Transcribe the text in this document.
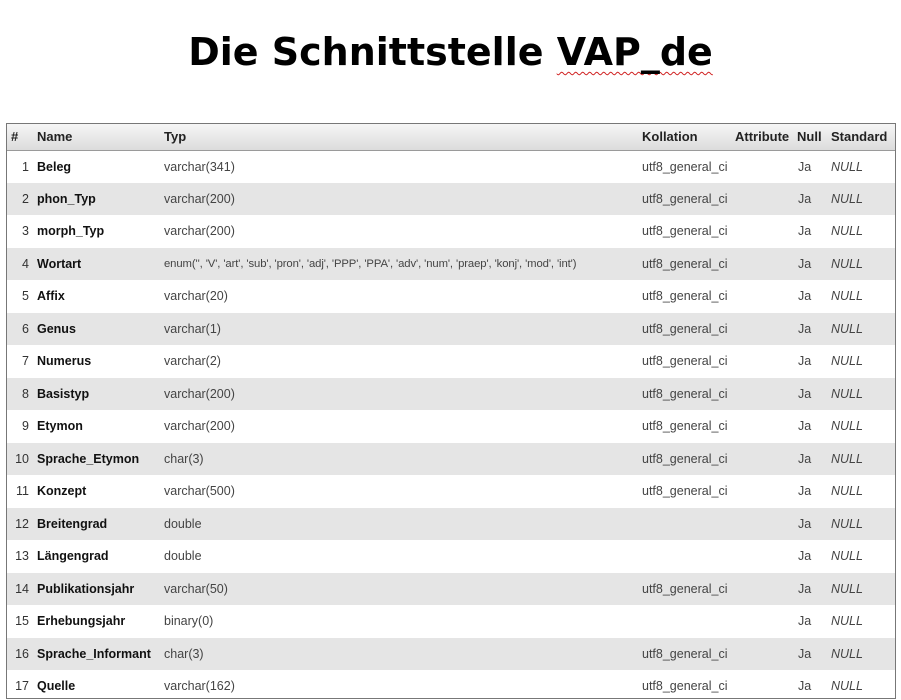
Die Schnittstelle VAP_de
#	Name	Typ	Kollation	Attribute	Null	Standard
1	Beleg	varchar(341)	utf8_general_ci		Ja	NULL
2	phon_Typ	varchar(200)	utf8_general_ci		Ja	NULL
3	morph_Typ	varchar(200)	utf8_general_ci		Ja	NULL
4	Wortart	enum('', 'V', 'art', 'sub', 'pron', 'adj', 'PPP', 'PPA', 'adv', 'num', 'praep', 'konj', 'mod', 'int')	utf8_general_ci		Ja	NULL
5	Affix	varchar(20)	utf8_general_ci		Ja	NULL
6	Genus	varchar(1)	utf8_general_ci		Ja	NULL
7	Numerus	varchar(2)	utf8_general_ci		Ja	NULL
8	Basistyp	varchar(200)	utf8_general_ci		Ja	NULL
9	Etymon	varchar(200)	utf8_general_ci		Ja	NULL
10	Sprache_Etymon	char(3)	utf8_general_ci		Ja	NULL
11	Konzept	varchar(500)	utf8_general_ci		Ja	NULL
12	Breitengrad	double			Ja	NULL
13	Längengrad	double			Ja	NULL
14	Publikationsjahr	varchar(50)	utf8_general_ci		Ja	NULL
15	Erhebungsjahr	binary(0)			Ja	NULL
16	Sprache_Informant	char(3)	utf8_general_ci		Ja	NULL
17	Quelle	varchar(162)	utf8_general_ci		Ja	NULL
